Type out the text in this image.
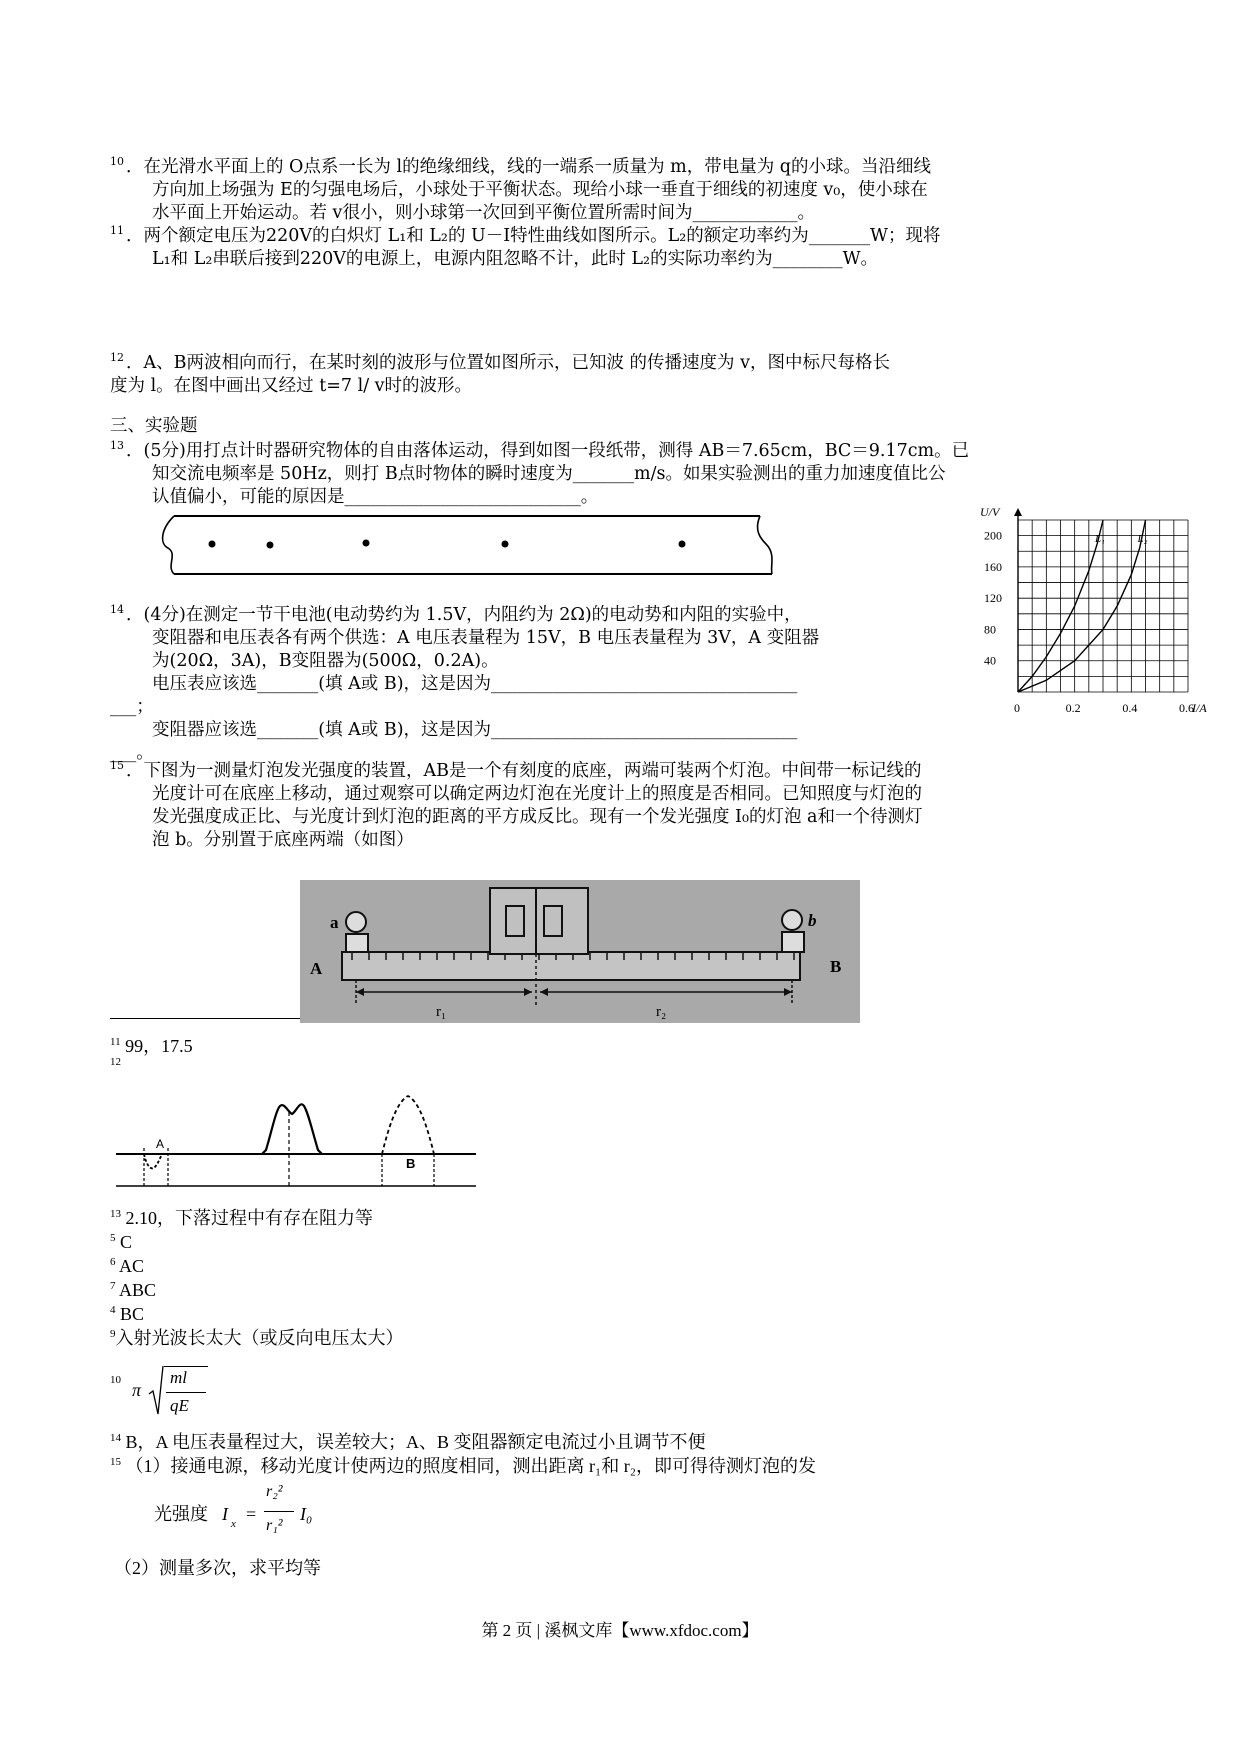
$^{10}$ ．在光滑水平面上的 O点系一长为 l的绝缘细线，线的一端系一质量为 m，带电量为 q的小球。当沿细线

方向加上场强为 E的匀强电场后，小球处于平衡状态。现给小球一垂直于细线的初速度 v₀，使小球在

水平面上开始运动。若 v很小，则小球第一次回到平衡位置所需时间为____________。

$^{11}$ ．两个额定电压为220V的白炽灯 L₁和 L₂的 U－I特性曲线如图所示。L₂的额定功率约为_______W；现将

L₁和 L₂串联后接到220V的电源上，电源内阻忽略不计，此时 L₂的实际功率约为________W。

$^{12}$ ．A、B两波相向而行，在某时刻的波形与位置如图所示，已知波 的传播速度为 v，图中标尺每格长

度为 l。在图中画出又经过 t=7 l/ v时的波形。

三、实验题

$^{13}$ ．(5分)用打点计时器研究物体的自由落体运动，得到如图一段纸带，测得 AB＝7.65cm，BC＝9.17cm。已

知交流电频率是 50Hz，则打 B点时物体的瞬时速度为_______m/s。如果实验测出的重力加速度值比公

认值偏小，可能的原因是___________________________。

200
160
120
80
40
0	0.2	0.4	0.6
U/V
I/A
L₁	L₂

$^{14}$ ．(4分)在测定一节干电池(电动势约为 1.5V，内阻约为 2Ω)的电动势和内阻的实验中，

变阻器和电压表各有两个供选：A 电压表量程为 15V，B 电压表量程为 3V，A 变阻器

为(20Ω，3A)，B变阻器为(500Ω，0.2A)。

电压表应该选_______(填 A或 B)，这是因为___________________________________

___；

变阻器应该选_______(填 A或 B)，这是因为___________________________________

___。

$^{15}$ ．下图为一测量灯泡发光强度的装置，AB是一个有刻度的底座，两端可装两个灯泡。中间带一标记线的

光度计可在底座上移动，通过观察可以确定两边灯泡在光度计上的照度是否相同。已知照度与灯泡的

发光强度成正比、与光度计到灯泡的距离的平方成反比。现有一个发光强度 I₀的灯泡 a和一个待测灯

泡 b。分别置于底座两端（如图）

a	b
A	B
r₁	r₂
$^{11}$ 99，17.5
$^{12}$
A
B
$^{13}$ 2.10，下落过程中有存在阻力等
$^5$ C
$^6$ AC
$^7$ ABC
$^4$ BC
$^9$入射光波长太大（或反向电压太大）
10 π
ml
qE
$^{14}$ B，A 电压表量程过大，误差较大；A、B 变阻器额定电流过小且调节不便
$^{15}$ （1）接通电源，移动光度计使两边的照度相同，测出距离 r₁和 r₂，即可得待测灯泡的发
光强度 I x =
r₂²
r₁²
I₀
（2）测量多次，求平均等
第 2 页 | 溪枫文库【www.xfdoc.com】
